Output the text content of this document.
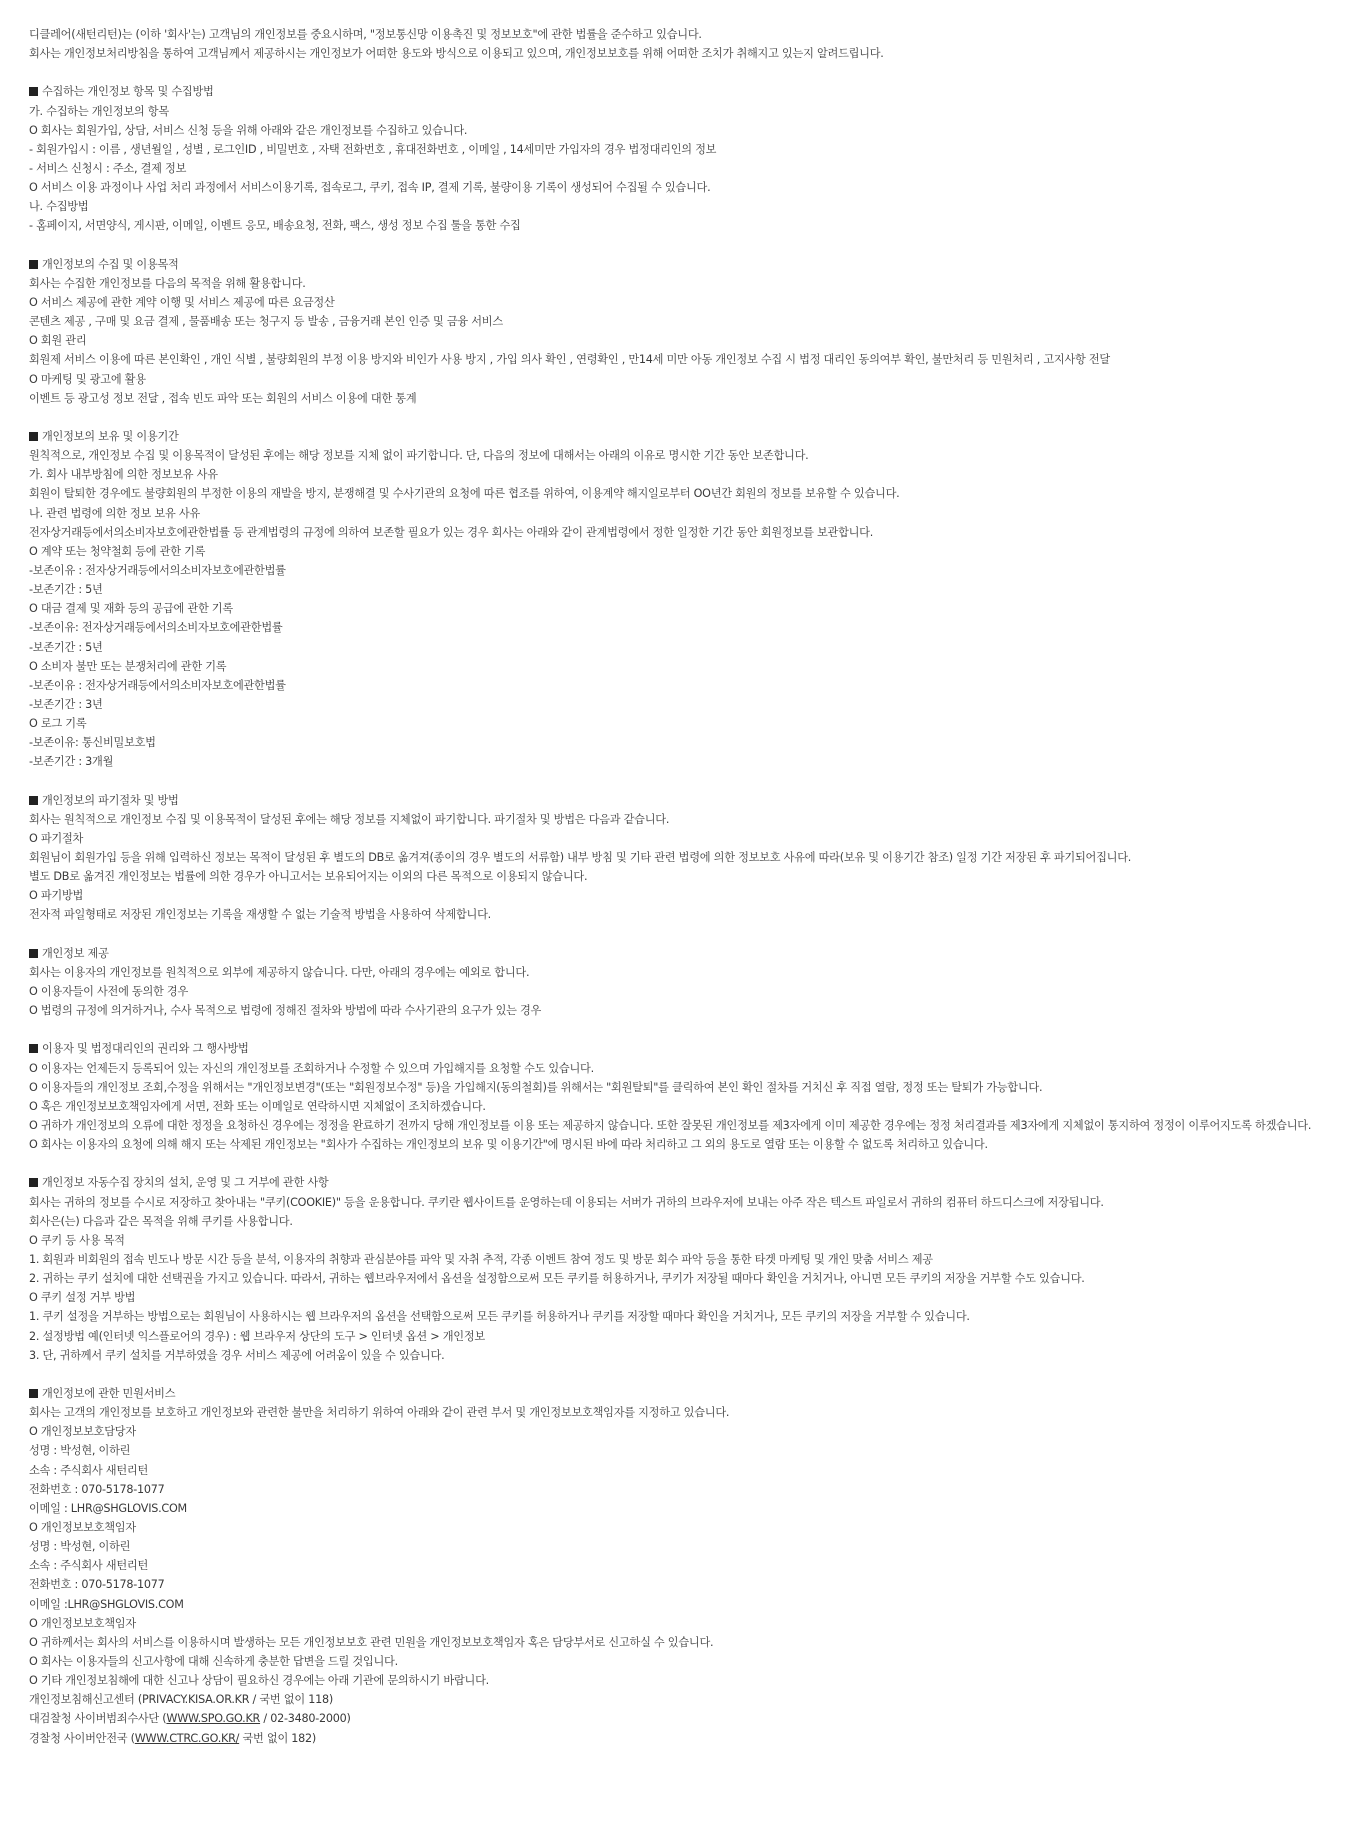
디클레어(새턴리턴)는 (이하 '회사'는) 고객님의 개인정보를 중요시하며, "정보통신망 이용촉진 및 정보보호"에 관한 법률을 준수하고 있습니다.
회사는 개인정보처리방침을 통하여 고객님께서 제공하시는 개인정보가 어떠한 용도와 방식으로 이용되고 있으며, 개인정보보호를 위해 어떠한 조치가 취해지고 있는지 알려드립니다.
수집하는 개인정보 항목 및 수집방법
가. 수집하는 개인정보의 항목
O 회사는 회원가입, 상담, 서비스 신청 등을 위해 아래와 같은 개인정보를 수집하고 있습니다.
- 회원가입시 : 이름 , 생년월일 , 성별 , 로그인ID , 비밀번호 , 자택 전화번호 , 휴대전화번호 , 이메일 , 14세미만 가입자의 경우 법정대리인의 정보
- 서비스 신청시 : 주소, 결제 정보
O 서비스 이용 과정이나 사업 처리 과정에서 서비스이용기록, 접속로그, 쿠키, 접속 IP, 결제 기록, 불량이용 기록이 생성되어 수집될 수 있습니다.
나. 수집방법
- 홈페이지, 서면양식, 게시판, 이메일, 이벤트 응모, 배송요청, 전화, 팩스, 생성 정보 수집 툴을 통한 수집
개인정보의 수집 및 이용목적
회사는 수집한 개인정보를 다음의 목적을 위해 활용합니다.
O 서비스 제공에 관한 계약 이행 및 서비스 제공에 따른 요금정산
콘텐츠 제공 , 구매 및 요금 결제 , 물품배송 또는 청구지 등 발송 , 금융거래 본인 인증 및 금융 서비스
O 회원 관리
회원제 서비스 이용에 따른 본인확인 , 개인 식별 , 불량회원의 부정 이용 방지와 비인가 사용 방지 , 가입 의사 확인 , 연령확인 , 만14세 미만 아동 개인정보 수집 시 법정 대리인 동의여부 확인, 불만처리 등 민원처리 , 고지사항 전달
O 마케팅 및 광고에 활용
이벤트 등 광고성 정보 전달 , 접속 빈도 파악 또는 회원의 서비스 이용에 대한 통계
개인정보의 보유 및 이용기간
원칙적으로, 개인정보 수집 및 이용목적이 달성된 후에는 해당 정보를 지체 없이 파기합니다. 단, 다음의 정보에 대해서는 아래의 이유로 명시한 기간 동안 보존합니다.
가. 회사 내부방침에 의한 정보보유 사유
회원이 탈퇴한 경우에도 불량회원의 부정한 이용의 재발을 방지, 분쟁해결 및 수사기관의 요청에 따른 협조를 위하여, 이용계약 해지일로부터 OO년간 회원의 정보를 보유할 수 있습니다.
나. 관련 법령에 의한 정보 보유 사유
전자상거래등에서의소비자보호에관한법률 등 관계법령의 규정에 의하여 보존할 필요가 있는 경우 회사는 아래와 같이 관계법령에서 정한 일정한 기간 동안 회원정보를 보관합니다.
O 계약 또는 청약철회 등에 관한 기록
-보존이유 : 전자상거래등에서의소비자보호에관한법률
-보존기간 : 5년
O 대금 결제 및 재화 등의 공급에 관한 기록
-보존이유: 전자상거래등에서의소비자보호에관한법률
-보존기간 : 5년
O 소비자 불만 또는 분쟁처리에 관한 기록
-보존이유 : 전자상거래등에서의소비자보호에관한법률
-보존기간 : 3년
O 로그 기록
-보존이유: 통신비밀보호법
-보존기간 : 3개월
개인정보의 파기절차 및 방법
회사는 원칙적으로 개인정보 수집 및 이용목적이 달성된 후에는 해당 정보를 지체없이 파기합니다. 파기절차 및 방법은 다음과 같습니다.
O 파기절차
회원님이 회원가입 등을 위해 입력하신 정보는 목적이 달성된 후 별도의 DB로 옮겨져(종이의 경우 별도의 서류함) 내부 방침 및 기타 관련 법령에 의한 정보보호 사유에 따라(보유 및 이용기간 참조) 일정 기간 저장된 후 파기되어집니다.
별도 DB로 옮겨진 개인정보는 법률에 의한 경우가 아니고서는 보유되어지는 이외의 다른 목적으로 이용되지 않습니다.
O 파기방법
전자적 파일형태로 저장된 개인정보는 기록을 재생할 수 없는 기술적 방법을 사용하여 삭제합니다.
개인정보 제공
회사는 이용자의 개인정보를 원칙적으로 외부에 제공하지 않습니다. 다만, 아래의 경우에는 예외로 합니다.
O 이용자들이 사전에 동의한 경우
O 법령의 규정에 의거하거나, 수사 목적으로 법령에 정해진 절차와 방법에 따라 수사기관의 요구가 있는 경우
이용자 및 법정대리인의 권리와 그 행사방법
O 이용자는 언제든지 등록되어 있는 자신의 개인정보를 조회하거나 수정할 수 있으며 가입해지를 요청할 수도 있습니다.
O 이용자들의 개인정보 조회,수정을 위해서는 "개인정보변경"(또는 "회원정보수정" 등)을 가입해지(동의철회)를 위해서는 "회원탈퇴"를 클릭하여 본인 확인 절차를 거치신 후 직접 열람, 정정 또는 탈퇴가 가능합니다.
O 혹은 개인정보보호책임자에게 서면, 전화 또는 이메일로 연락하시면 지체없이 조치하겠습니다.
O 귀하가 개인정보의 오류에 대한 정정을 요청하신 경우에는 정정을 완료하기 전까지 당해 개인정보를 이용 또는 제공하지 않습니다. 또한 잘못된 개인정보를 제3자에게 이미 제공한 경우에는 정정 처리결과를 제3자에게 지체없이 통지하여 정정이 이루어지도록 하겠습니다.
O 회사는 이용자의 요청에 의해 해지 또는 삭제된 개인정보는 "회사가 수집하는 개인정보의 보유 및 이용기간"에 명시된 바에 따라 처리하고 그 외의 용도로 열람 또는 이용할 수 없도록 처리하고 있습니다.
개인정보 자동수집 장치의 설치, 운영 및 그 거부에 관한 사항
회사는 귀하의 정보를 수시로 저장하고 찾아내는 "쿠키(COOKIE)" 등을 운용합니다. 쿠키란 웹사이트를 운영하는데 이용되는 서버가 귀하의 브라우저에 보내는 아주 작은 텍스트 파일로서 귀하의 컴퓨터 하드디스크에 저장됩니다.
회사은(는) 다음과 같은 목적을 위해 쿠키를 사용합니다.
O 쿠키 등 사용 목적
1. 회원과 비회원의 접속 빈도나 방문 시간 등을 분석, 이용자의 취향과 관심분야를 파악 및 자취 추적, 각종 이벤트 참여 정도 및 방문 회수 파악 등을 통한 타겟 마케팅 및 개인 맞춤 서비스 제공
2. 귀하는 쿠키 설치에 대한 선택권을 가지고 있습니다. 따라서, 귀하는 웹브라우저에서 옵션을 설정함으로써 모든 쿠키를 허용하거나, 쿠키가 저장될 때마다 확인을 거치거나, 아니면 모든 쿠키의 저장을 거부할 수도 있습니다.
O 쿠키 설정 거부 방법
1. 쿠키 설정을 거부하는 방법으로는 회원님이 사용하시는 웹 브라우저의 옵션을 선택함으로써 모든 쿠키를 허용하거나 쿠키를 저장할 때마다 확인을 거치거나, 모든 쿠키의 저장을 거부할 수 있습니다.
2. 설정방법 예(인터넷 익스플로어의 경우) : 웹 브라우저 상단의 도구 > 인터넷 옵션 > 개인정보
3. 단, 귀하께서 쿠키 설치를 거부하였을 경우 서비스 제공에 어려움이 있을 수 있습니다.
개인정보에 관한 민원서비스
회사는 고객의 개인정보를 보호하고 개인정보와 관련한 불만을 처리하기 위하여 아래와 같이 관련 부서 및 개인정보보호책임자를 지정하고 있습니다.
O 개인정보보호담당자
성명 : 박성현, 이하린
소속 : 주식회사 새턴리턴
전화번호 : 070-5178-1077
이메일 : LHR@SHGLOVIS.COM
O 개인정보보호책임자
성명 : 박성현, 이하린
소속 : 주식회사 새턴리턴
전화번호 : 070-5178-1077
이메일 :LHR@SHGLOVIS.COM
O 개인정보보호책임자
O 귀하께서는 회사의 서비스를 이용하시며 발생하는 모든 개인정보보호 관련 민원을 개인정보보호책임자 혹은 담당부서로 신고하실 수 있습니다.
O 회사는 이용자들의 신고사항에 대해 신속하게 충분한 답변을 드릴 것입니다.
O 기타 개인정보침해에 대한 신고나 상담이 필요하신 경우에는 아래 기관에 문의하시기 바랍니다.
개인정보침해신고센터 (PRIVACY.KISA.OR.KR / 국번 없이 118)
대검찰청 사이버범죄수사단 (WWW.SPO.GO.KR / 02-3480-2000)
경찰청 사이버안전국 (WWW.CTRC.GO.KR/ 국번 없이 182)
